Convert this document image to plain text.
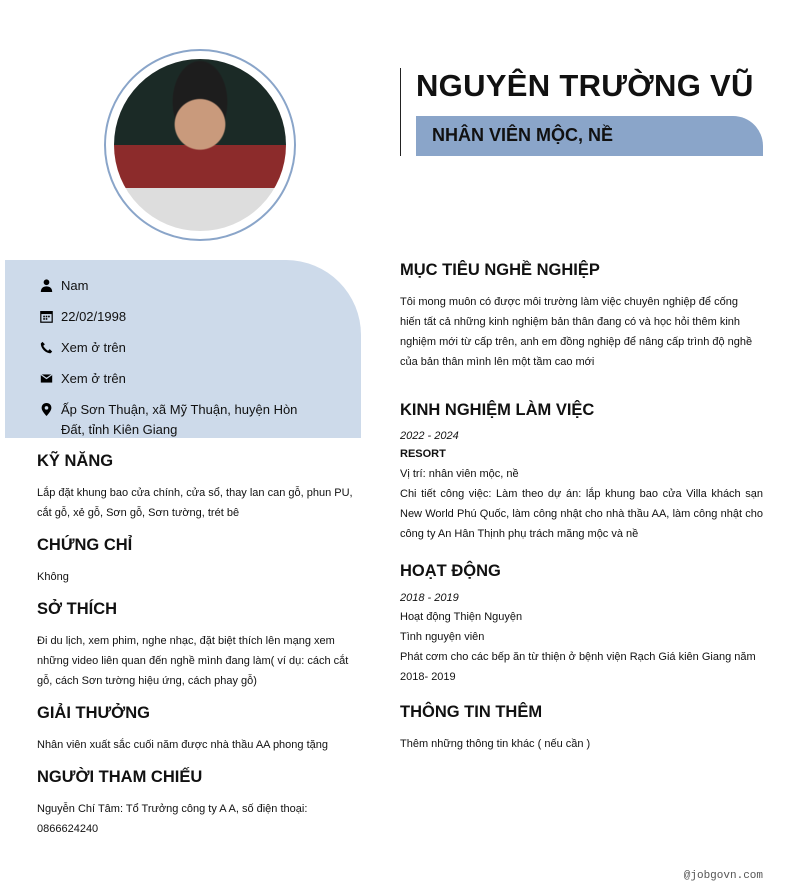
NGUYÊN TRƯỜNG VŨ
NHÂN VIÊN MỘC, NỀ
Nam
22/02/1998
Xem ở trên
Xem ở trên
Ấp Sơn Thuận, xã Mỹ Thuận, huyện Hòn Đất, tỉnh Kiên Giang
KỸ NĂNG

Lắp đặt khung bao cửa chính, cửa sổ, thay lan can gỗ, phun PU, cắt gỗ, xẻ gỗ, Sơn gỗ, Sơn tường, trét bê

CHỨNG CHỈ

Không

SỞ THÍCH

Đi du lịch, xem phim, nghe nhạc, đặt biệt thích lên mạng xem những video liên quan đến nghề mình đang làm( ví dụ: cách cắt gỗ, cách Sơn tường hiệu ứng, cách phay gỗ)

GIẢI THƯỞNG

Nhân viên xuất sắc cuối năm được nhà thầu AA phong tặng

NGƯỜI THAM CHIẾU

Nguyễn Chí Tâm: Tổ Trưởng công ty A A, số điện thoại: 0866624240

MỤC TIÊU NGHỀ NGHIỆP

Tôi mong muôn có được môi trường làm việc chuyên nghiệp để cống hiến tất cả những kinh nghiệm bản thân đang có và học hỏi thêm kinh nghiệm mới từ cấp trên, anh em đồng nghiệp để nâng cấp trình độ nghề của bản thân mình lên một tầm cao mới

KINH NGHIỆM LÀM VIỆC

2022 - 2024

RESORT

Vị trí: nhân viên mộc, nề

Chi tiết công việc: Làm theo dự án: lắp khung bao cửa Villa khách sạn New World Phú Quốc, làm công nhật cho nhà thầu AA, làm công nhật cho công ty An Hân Thịnh phụ trách măng mộc và nề

HOẠT ĐỘNG

2018 - 2019

Hoạt động Thiện Nguyện

Tình nguyện viên

Phát cơm cho các bếp ăn từ thiện ở bệnh viện Rạch Giá kiên Giang năm 2018- 2019

THÔNG TIN THÊM

Thêm những thông tin khác ( nếu cần )

@jobgovn.com
